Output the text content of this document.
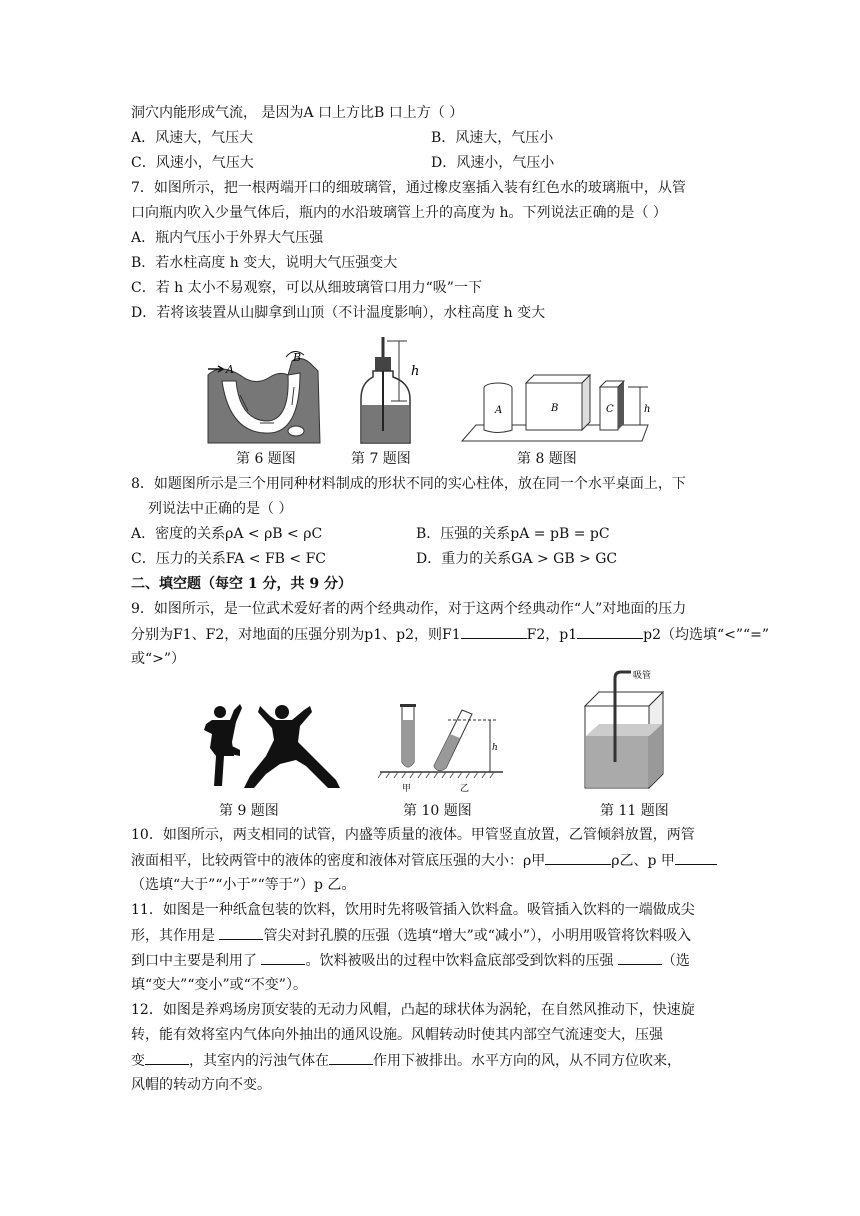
洞穴内能形成气流， 是因为A 口上方比B 口上方（ ）
A．风速大，气压大	B．风速大，气压小
C．风速小，气压大	D．风速小，气压小
7．如图所示，把一根两端开口的细玻璃管，通过橡皮塞插入装有红色水的玻璃瓶中，从管
口向瓶内吹入少量气体后，瓶内的水沿玻璃管上升的高度为 h。下列说法正确的是（ ）
A．瓶内气压小于外界大气压强
B．若水柱高度 h 变大，说明大气压强变大
C．若 h 太小不易观察，可以从细玻璃管口用力“吸”一下
D．若将该装置从山脚拿到山顶（不计温度影响），水柱高度 h 变大
A
B
第 6 题图
h
第 7 题图
A	B	C	h
第 8 题图
8．如题图所示是三个用同种材料制成的形状不同的实心柱体，放在同一个水平桌面上，下
列说法中正确的是（ ）
A．密度的关系ρA < ρB < ρC	B．压强的关系pA = pB = pC
C．压力的关系FA < FB < FC	D．重力的关系GA > GB > GC
二、填空题（每空 1 分，共 9 分）
9．如图所示，是一位武术爱好者的两个经典动作，对于这两个经典动作“人”对地面的压力
分别为F1、F2，对地面的压强分别为p1、p2，则F1	F2，p1	p2（均选填“<”“=”
或“>”）
第 9 题图
h
甲	乙
第 10 题图
吸管
第 11 题图
10．如图所示，两支相同的试管，内盛等质量的液体。甲管竖直放置，乙管倾斜放置，两管
液面相平，比较两管中的液体的密度和液体对管底压强的大小：ρ甲	ρ乙、p 甲
（选填“大于”“小于”“等于”）p 乙。
11．如图是一种纸盒包装的饮料，饮用时先将吸管插入饮料盒。吸管插入饮料的一端做成尖
形，其作用是	管尖对封孔膜的压强（选填“增大”或“减小”），小明用吸管将饮料吸入
到口中主要是利用了	。饮料被吸出的过程中饮料盒底部受到饮料的压强	（选
填“变大”“变小”或“不变”）。
12．如图是养鸡场房顶安装的无动力风帽，凸起的球状体为涡轮，在自然风推动下，快速旋
转，能有效将室内气体向外抽出的通风设施。风帽转动时使其内部空气流速变大，压强
变	，其室内的污浊气体在	作用下被排出。水平方向的风，从不同方位吹来，
风帽的转动方向不变。
